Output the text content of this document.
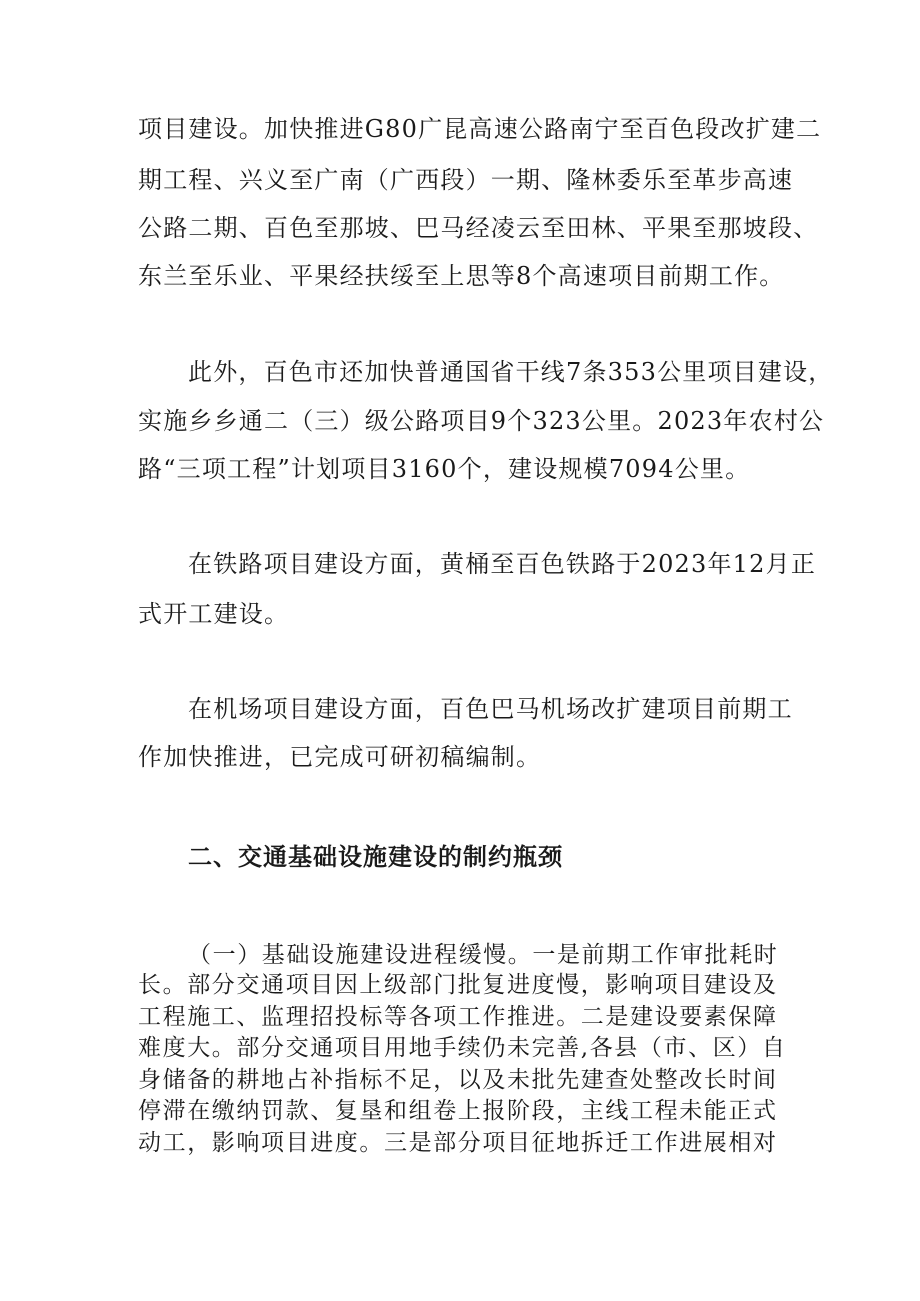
项目建设。加快推进G80广昆高速公路南宁至百色段改扩建二

期工程、兴义至广南（广西段）一期、隆林委乐至革步高速

公路二期、百色至那坡、巴马经凌云至田林、平果至那坡段、

东兰至乐业、平果经扶绥至上思等8个高速项目前期工作。

此外，百色市还加快普通国省干线7条353公里项目建设，

实施乡乡通二（三）级公路项目9个323公里。2023年农村公

路“三项工程”计划项目3160个，建设规模7094公里。

在铁路项目建设方面，黄桶至百色铁路于2023年12月正

式开工建设。

在机场项目建设方面，百色巴马机场改扩建项目前期工

作加快推进，已完成可研初稿编制。

二、交通基础设施建设的制约瓶颈

（一）基础设施建设进程缓慢。一是前期工作审批耗时

长。部分交通项目因上级部门批复进度慢，影响项目建设及

工程施工、监理招投标等各项工作推进。二是建设要素保障

难度大。部分交通项目用地手续仍未完善,各县（市、区）自

身储备的耕地占补指标不足，以及未批先建查处整改长时间

停滞在缴纳罚款、复垦和组卷上报阶段，主线工程未能正式

动工，影响项目进度。三是部分项目征地拆迁工作进展相对
